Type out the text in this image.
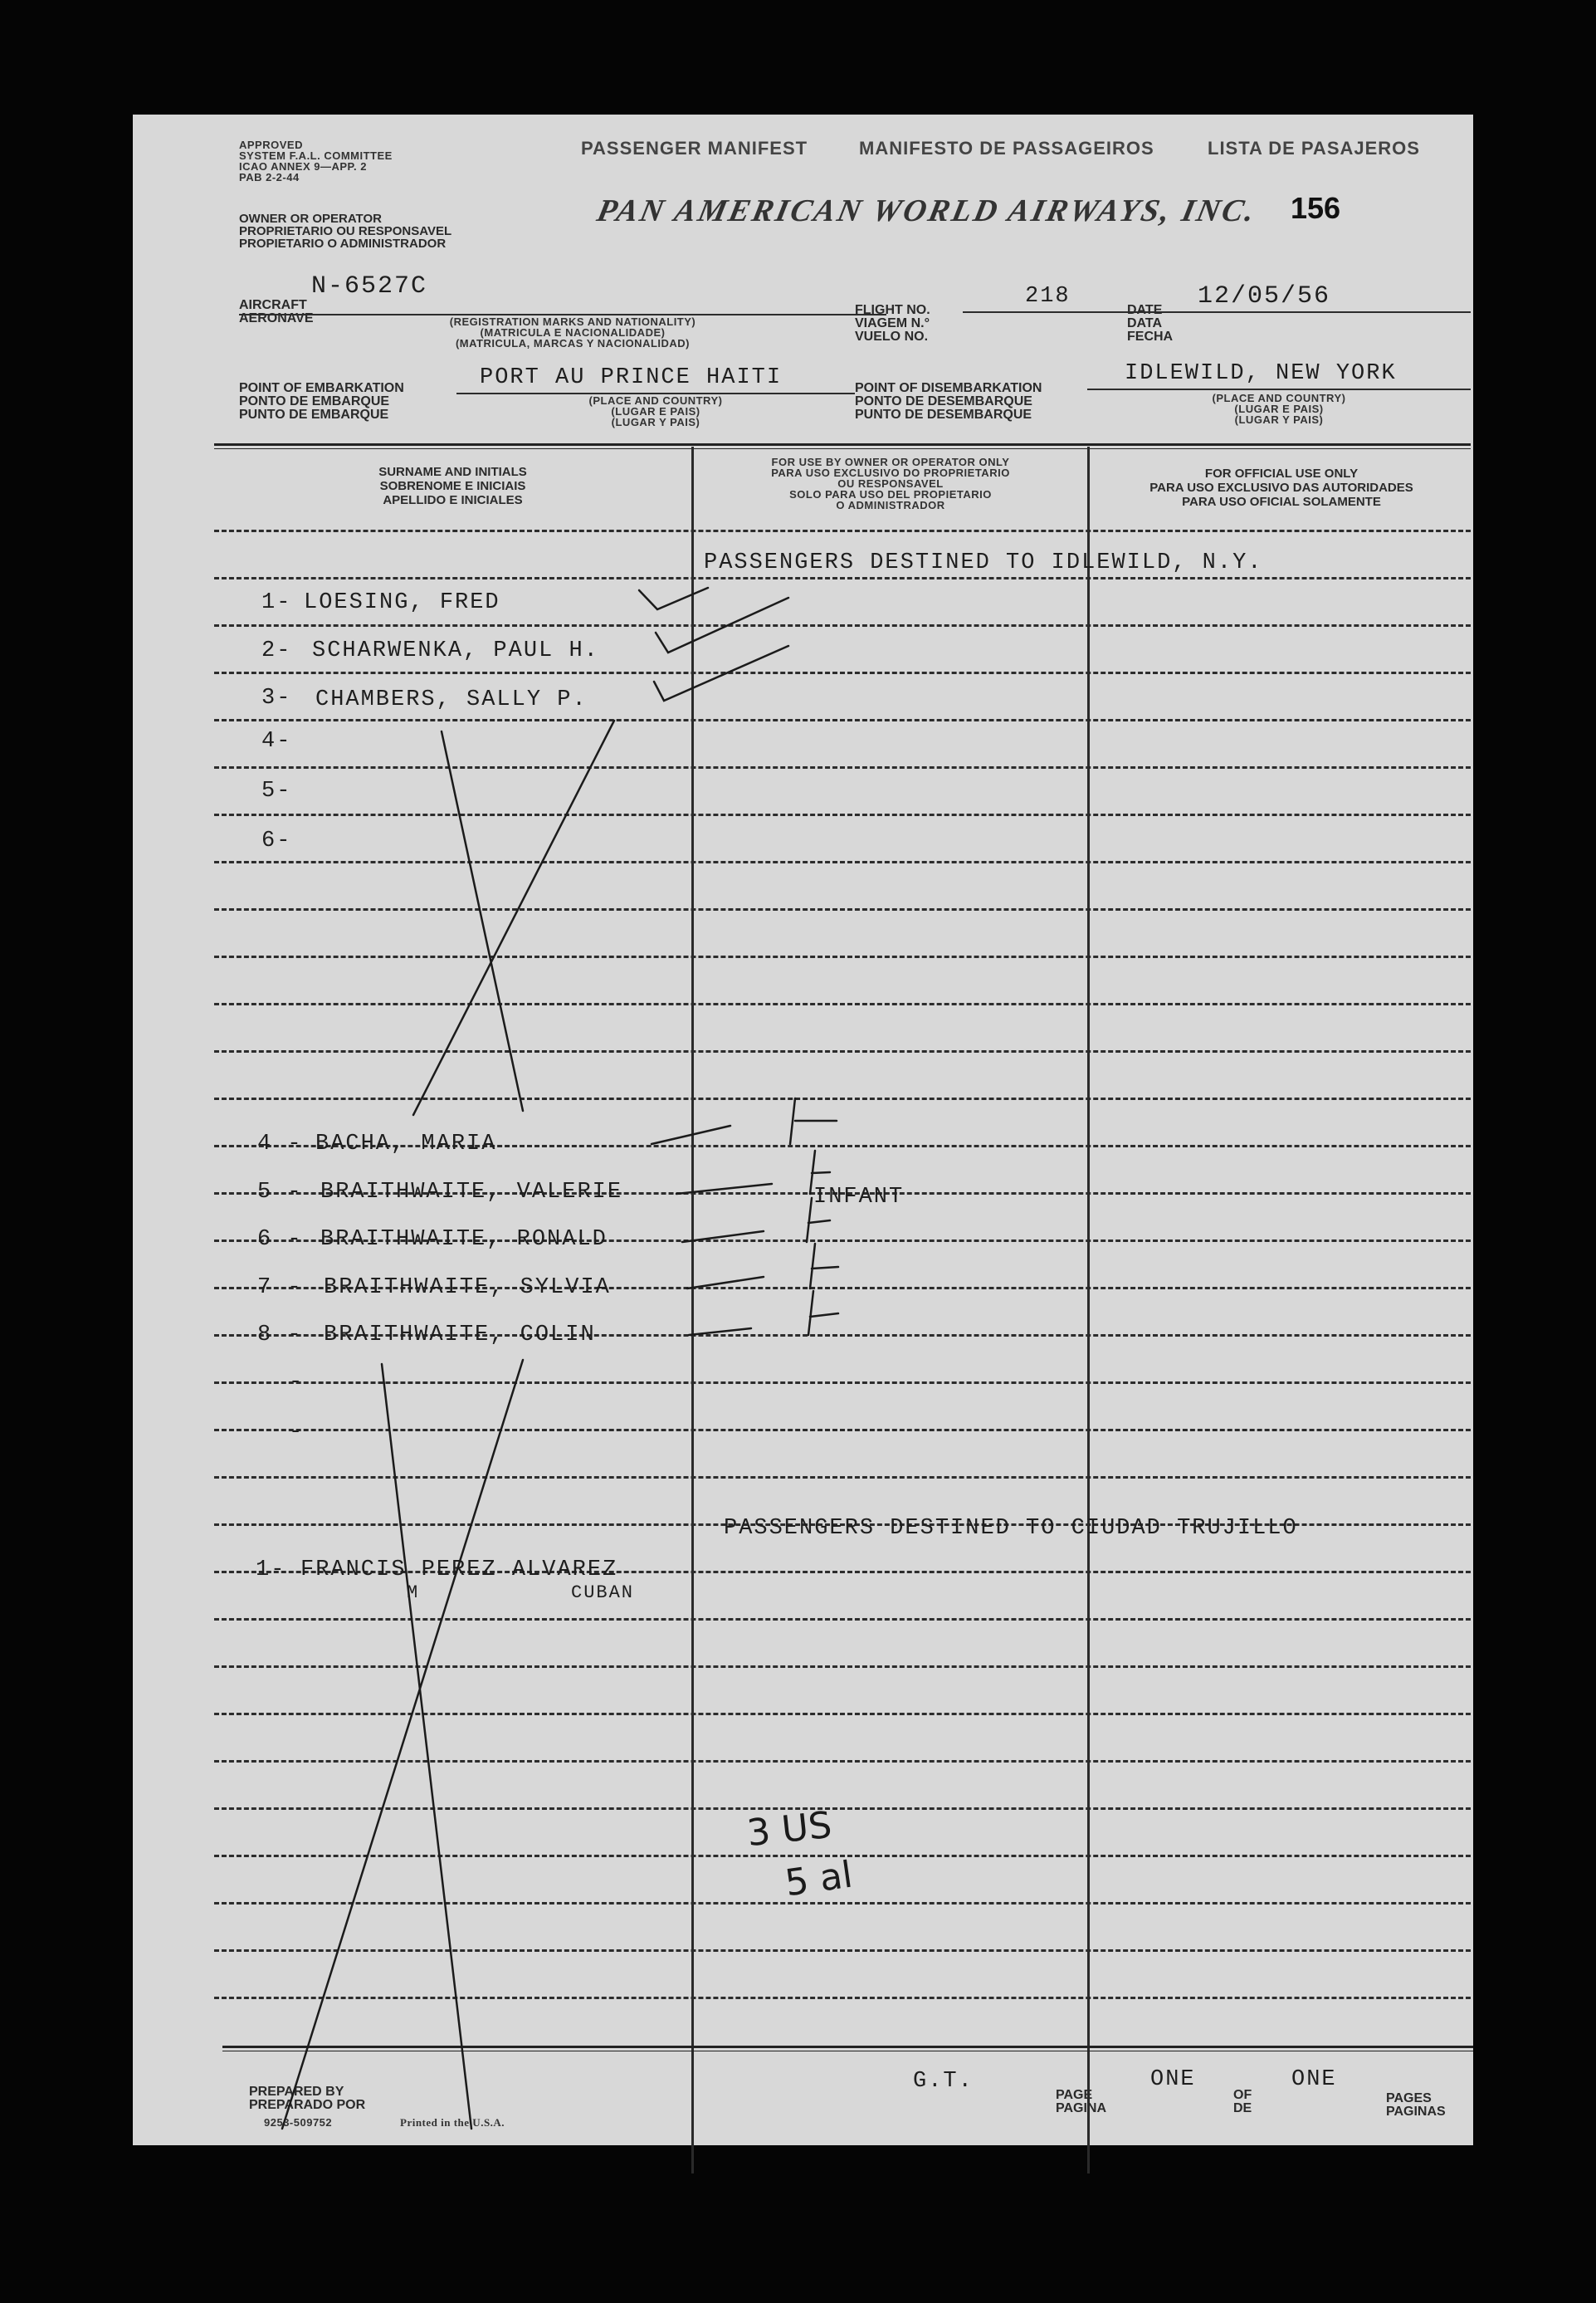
APPROVED
SYSTEM F.A.L. COMMITTEE
ICAO ANNEX 9—APP. 2
PAB 2-2-44
OWNER OR OPERATOR
PROPRIETARIO OU RESPONSAVEL
PROPIETARIO O ADMINISTRADOR
PASSENGER MANIFEST	MANIFESTO DE PASSAGEIROS	LISTA DE PASAJEROS
PAN AMERICAN WORLD AIRWAYS, INC. 156
N-6527C
AIRCRAFT
AERONAVE	(REGISTRATION MARKS AND NATIONALITY)
(MATRICULA E NACIONALIDADE)
(MATRICULA, MARCAS Y NACIONALIDAD)
FLIGHT NO.
VIAGEM N.°
VUELO NO.
218
DATE
DATA
FECHA
12/05/56
POINT OF EMBARKATION
PONTO DE EMBARQUE
PUNTO DE EMBARQUE
PORT AU PRINCE HAITI
(PLACE AND COUNTRY)
(LUGAR E PAIS)
(LUGAR Y PAIS)
POINT OF DISEMBARKATION
PONTO DE DESEMBARQUE
PUNTO DE DESEMBARQUE
IDLEWILD, NEW YORK
(PLACE AND COUNTRY)
(LUGAR E PAIS)
(LUGAR Y PAIS)
SURNAME AND INITIALS
SOBRENOME E INICIAIS
APELLIDO E INICIALES
FOR USE BY OWNER OR OPERATOR ONLY
PARA USO EXCLUSIVO DO PROPRIETARIO
OU RESPONSAVEL
SOLO PARA USO DEL PROPIETARIO
O ADMINISTRADOR
FOR OFFICIAL USE ONLY
PARA USO EXCLUSIVO DAS AUTORIDADES
PARA USO OFICIAL SOLAMENTE
PASSENGERS DESTINED TO IDLEWILD, N.Y.
1- LOESING, FRED
2- SCHARWENKA, PAUL H.
3- CHAMBERS, SALLY P.
4-
5-
6-
4 - BACHA, MARIA
5 - BRAITHWAITE, VALERIE	INFANT
6 - BRAITHWAITE, RONALD
7 - BRAITHWAITE, SYLVIA
8 - BRAITHWAITE, COLIN
-
-
PASSENGERS DESTINED TO CIUDAD TRUJILLO
1- FRANCIS PEREZ ALVAREZ
M	CUBAN
3 US
5 al
PREPARED BY
PREPARADO POR
9253-509752	Printed in the U.S.A.
G.T.
PAGE
PAGINA
ONE
OF
DE
ONE
PAGES
PAGINAS
